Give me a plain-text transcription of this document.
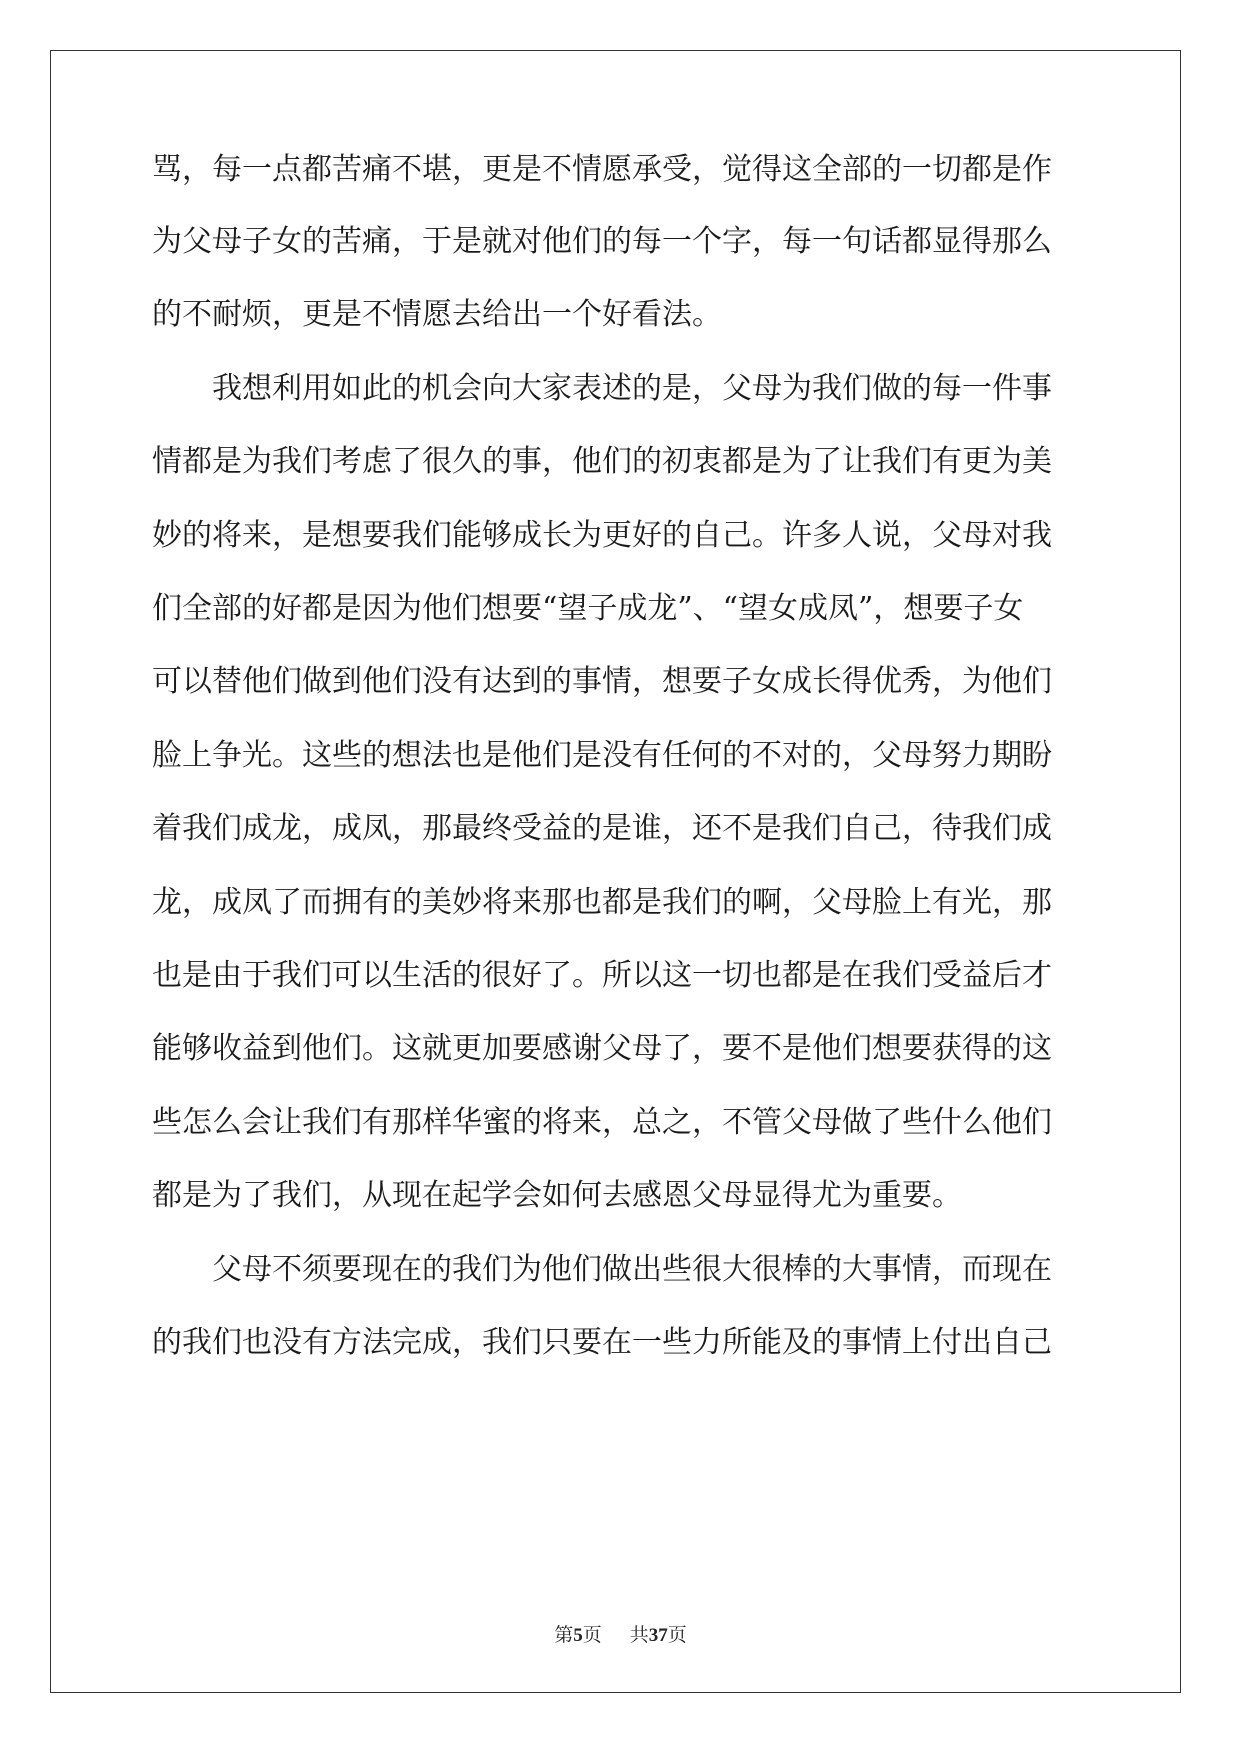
骂，每一点都苦痛不堪，更是不情愿承受，觉得这全部的一切都是作
为父母子女的苦痛，于是就对他们的每一个字，每一句话都显得那么
的不耐烦，更是不情愿去给出一个好看法。
　　我想利用如此的机会向大家表述的是，父母为我们做的每一件事
情都是为我们考虑了很久的事，他们的初衷都是为了让我们有更为美
妙的将来，是想要我们能够成长为更好的自己。许多人说，父母对我
们全部的好都是因为他们想要“望子成龙”、“望女成凤”，想要子女
可以替他们做到他们没有达到的事情，想要子女成长得优秀，为他们
脸上争光。这些的想法也是他们是没有任何的不对的，父母努力期盼
着我们成龙，成凤，那最终受益的是谁，还不是我们自己，待我们成
龙，成凤了而拥有的美妙将来那也都是我们的啊，父母脸上有光，那
也是由于我们可以生活的很好了。所以这一切也都是在我们受益后才
能够收益到他们。这就更加要感谢父母了，要不是他们想要获得的这
些怎么会让我们有那样华蜜的将来，总之，不管父母做了些什么他们
都是为了我们，从现在起学会如何去感恩父母显得尤为重要。
　　父母不须要现在的我们为他们做出些很大很棒的大事情，而现在
的我们也没有方法完成，我们只要在一些力所能及的事情上付出自己
第5页 共37页
